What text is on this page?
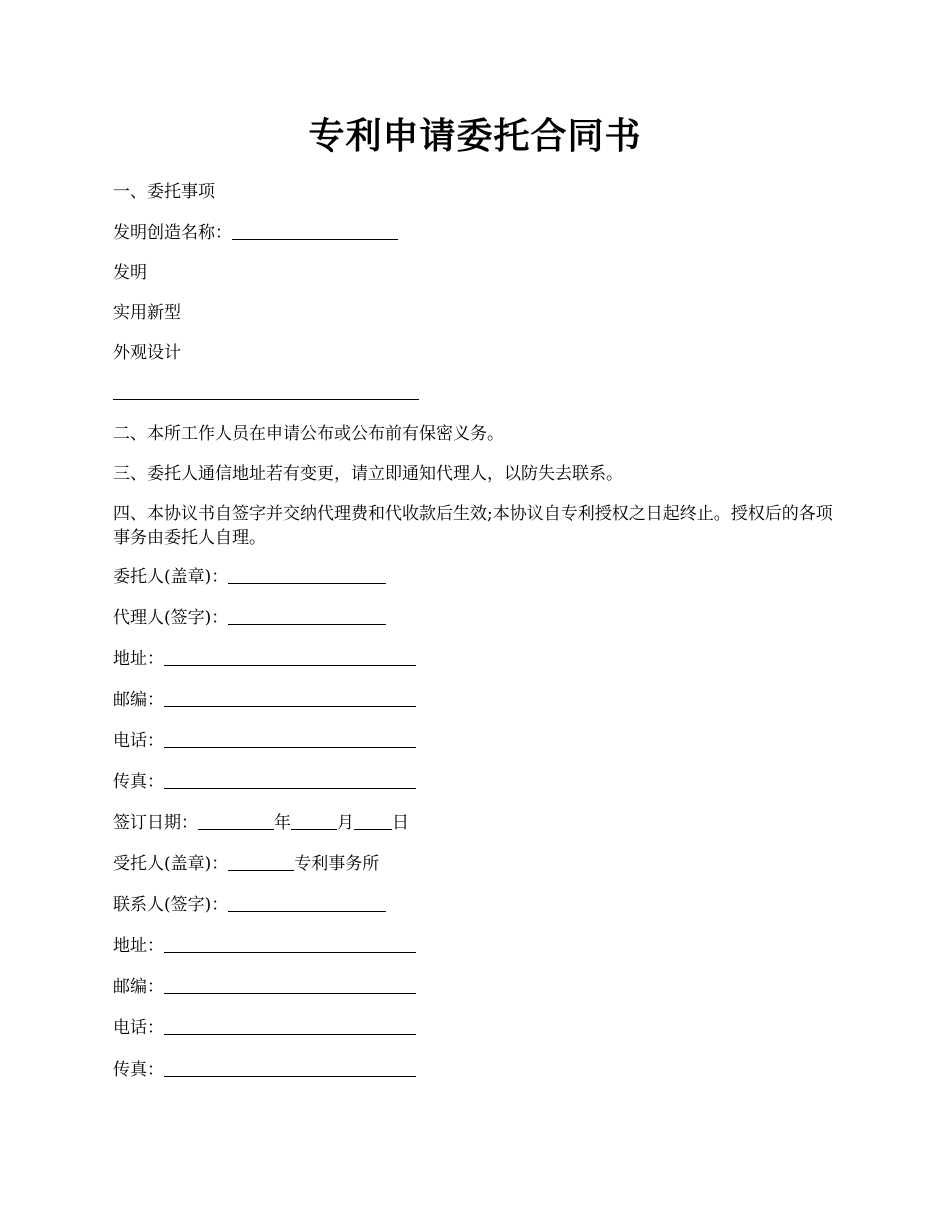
专利申请委托合同书
一、委托事项
发明创造名称：
发明
实用新型
外观设计
二、本所工作人员在申请公布或公布前有保密义务。
三、委托人通信地址若有变更，请立即通知代理人，以防失去联系。
四、本协议书自签字并交纳代理费和代收款后生效;本协议自专利授权之日起终止。授权后的各项事务由委托人自理。
委托人(盖章)：
代理人(签字)：
地址：
邮编：
电话：
传真：
签订日期：	年	月 日
受托人(盖章)：	专利事务所
联系人(签字)：
地址：
邮编：
电话：
传真：
